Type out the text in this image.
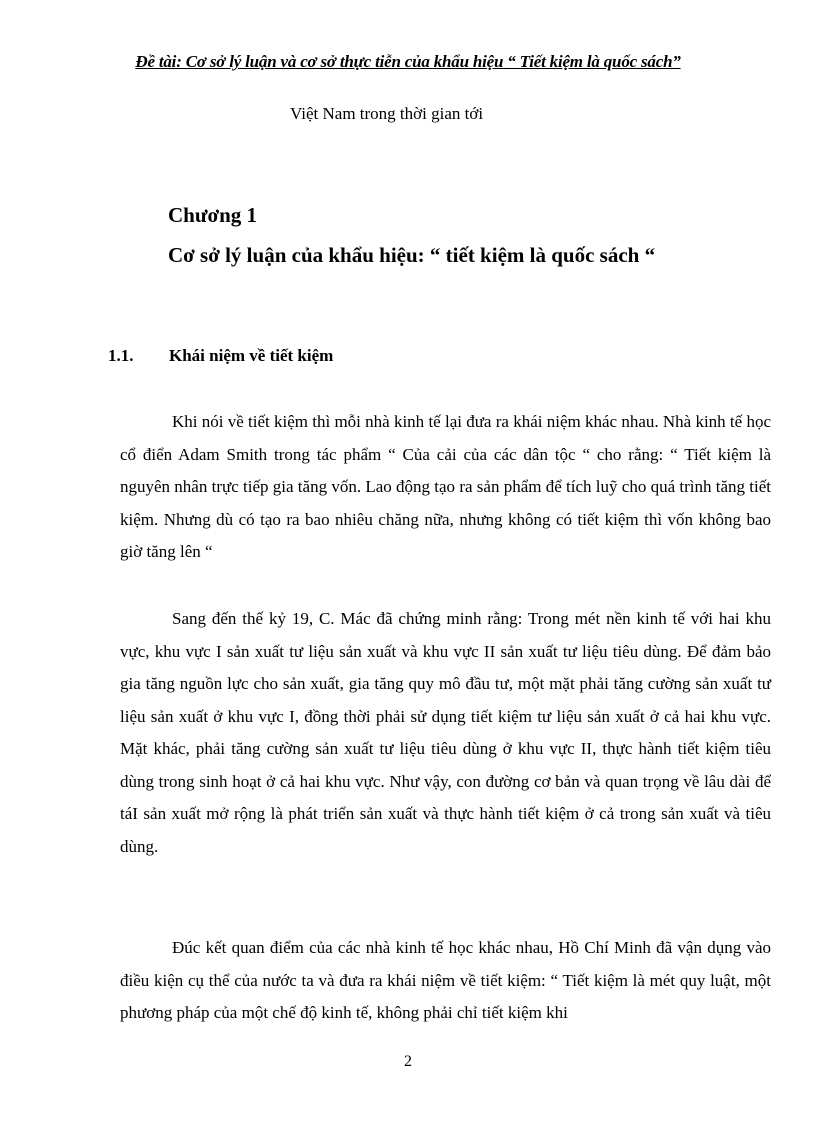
Đề tài: Cơ sở lý luận và cơ sở thực tiễn của khẩu hiệu “ Tiết kiệm là quốc sách”
Việt Nam trong thời gian tới
Chương 1
Cơ sở lý luận của khẩu hiệu: “ tiết kiệm là quốc sách “
1.1. Khái niệm về tiết kiệm

Khi nói về tiết kiệm thì mỗi nhà kinh tế lại đưa ra khái niệm khác nhau. Nhà kinh tế học cổ điển Adam Smith trong tác phẩm “ Của cải của các dân tộc “ cho rằng: “ Tiết kiệm là nguyên nhân trực tiếp gia tăng vốn. Lao động tạo ra sản phẩm để tích luỹ cho quá trình tăng tiết kiệm. Nhưng dù có tạo ra bao nhiêu chăng nữa, nhưng không có tiết kiệm thì vốn không bao giờ tăng lên “

Sang đến thế kỷ 19, C. Mác đã chứng minh rằng: Trong mét nền kinh tế với hai khu vực, khu vực I sản xuất tư liệu sản xuất và khu vực II sản xuất tư liệu tiêu dùng. Để đảm bảo gia tăng nguồn lực cho sản xuất, gia tăng quy mô đầu tư, một mặt phải tăng cường sản xuất tư liệu sản xuất ở khu vực I, đồng thời phải sử dụng tiết kiệm tư liệu sản xuất ở cả hai khu vực. Mặt khác, phải tăng cường sản xuất tư liệu tiêu dùng ở khu vực II, thực hành tiết kiệm tiêu dùng trong sinh hoạt ở cả hai khu vực. Như vậy, con đường cơ bản và quan trọng về lâu dài để táI sản xuất mở rộng là phát triển sản xuất và thực hành tiết kiệm ở cả trong sản xuất và tiêu dùng.

Đúc kết quan điểm của các nhà kinh tế học khác nhau, Hồ Chí Minh đã vận dụng vào điều kiện cụ thể của nước ta và đưa ra khái niệm về tiết kiệm: “ Tiết kiệm là mét quy luật, một phương pháp của một chế độ kinh tế, không phải chỉ tiết kiệm khi

2
